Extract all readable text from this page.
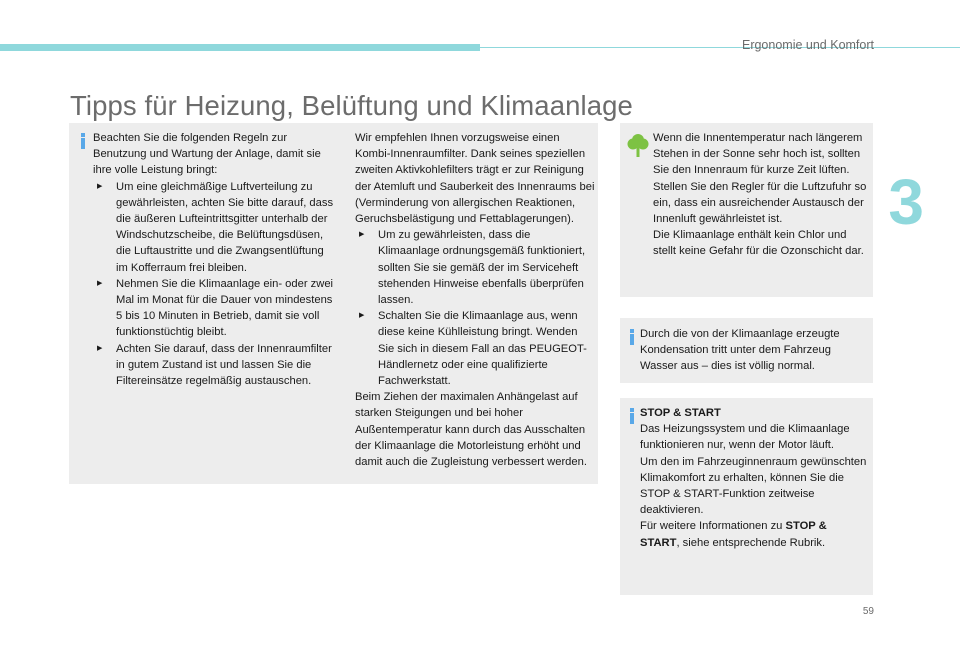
Ergonomie und Komfort
Tipps für Heizung, Belüftung und Klimaanlage
3

Beachten Sie die folgenden Regeln zur Benutzung und Wartung der Anlage, damit sie ihre volle Leistung bringt:

▶ Um eine gleichmäßige Luftverteilung zu gewährleisten, achten Sie bitte darauf, dass die äußeren Lufteintrittsgitter unterhalb der Windschutzscheibe, die Belüftungsdüsen, die Luftaustritte und die Zwangsentlüftung im Kofferraum frei bleiben.
▶ Nehmen Sie die Klimaanlage ein- oder zwei Mal im Monat für die Dauer von mindestens 5 bis 10 Minuten in Betrieb, damit sie voll funktionstüchtig bleibt.
▶ Achten Sie darauf, dass der Innenraumfilter in gutem Zustand ist und lassen Sie die Filtereinsätze regelmäßig austauschen.

Wir empfehlen Ihnen vorzugsweise einen Kombi-Innenraumfilter. Dank seines speziellen zweiten Aktivkohlefilters trägt er zur Reinigung der Atemluft und Sauberkeit des Innenraums bei (Verminderung von allergischen Reaktionen, Geruchsbelästigung und Fettablagerungen).

▶ Um zu gewährleisten, dass die Klimaanlage ordnungsgemäß funktioniert, sollten Sie sie gemäß der im Serviceheft stehenden Hinweise ebenfalls überprüfen lassen.
▶ Schalten Sie die Klimaanlage aus, wenn diese keine Kühlleistung bringt. Wenden Sie sich in diesem Fall an das PEUGEOT-Händlernetz oder eine qualifizierte Fachwerkstatt.

Beim Ziehen der maximalen Anhängelast auf starken Steigungen und bei hoher Außentemperatur kann durch das Ausschalten der Klimaanlage die Motorleistung erhöht und damit auch die Zugleistung verbessert werden.

Wenn die Innentemperatur nach längerem Stehen in der Sonne sehr hoch ist, sollten Sie den Innenraum für kurze Zeit lüften.

Stellen Sie den Regler für die Luftzufuhr so ein, dass ein ausreichender Austausch der Innenluft gewährleistet ist.

Die Klimaanlage enthält kein Chlor und stellt keine Gefahr für die Ozonschicht dar.

Durch die von der Klimaanlage erzeugte Kondensation tritt unter dem Fahrzeug Wasser aus – dies ist völlig normal.

STOP & START

Das Heizungssystem und die Klimaanlage funktionieren nur, wenn der Motor läuft.

Um den im Fahrzeuginnenraum gewünschten Klimakomfort zu erhalten, können Sie die STOP & START-Funktion zeitweise deaktivieren.

Für weitere Informationen zu STOP & START, siehe entsprechende Rubrik.

59
